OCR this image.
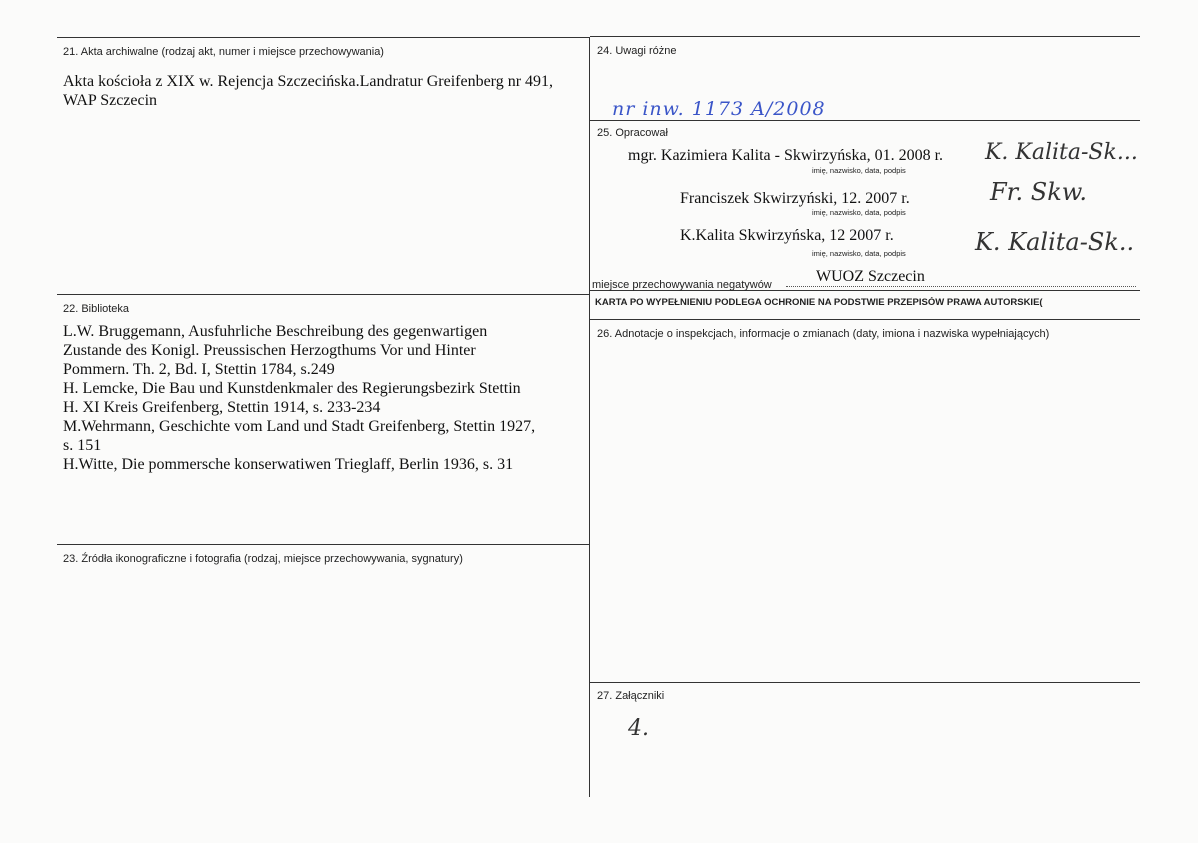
21. Akta archiwalne (rodzaj akt, numer i miejsce przechowywania)
Akta kościoła z XIX w. Rejencja Szczecińska.Landratur Greifenberg nr 491, WAP Szczecin
22. Biblioteka
L.W. Bruggemann, Ausfuhrliche Beschreibung des gegenwartigen
Zustande des Konigl. Preussischen Herzogthums Vor und Hinter
Pommern. Th. 2, Bd. I, Stettin 1784, s.249
H. Lemcke, Die Bau und Kunstdenkmaler des Regierungsbezirk Stettin
H. XI Kreis Greifenberg, Stettin 1914, s. 233-234
M.Wehrmann, Geschichte vom Land und Stadt Greifenberg, Stettin 1927,
s. 151
H.Witte, Die pommersche konserwatiwen Trieglaff, Berlin 1936, s. 31
23. Źródła ikonograficzne i fotografia (rodzaj, miejsce przechowywania, sygnatury)
24. Uwagi różne
nr inw. 1173 A/2008
25. Opracował
mgr. Kazimiera Kalita - Skwirzyńska, 01. 2008 r.
imię, nazwisko, data, podpis
K. Kalita-Sk...
Franciszek Skwirzyński, 12. 2007 r.
imię, nazwisko, data, podpis
Fr. Skw.
K.Kalita Skwirzyńska, 12 2007 r.
imię, nazwisko, data, podpis	K. Kalita-Sk..
miejsce przechowywania negatywów	WUOZ Szczecin
KARTA PO WYPEŁNIENIU PODLEGA OCHRONIE NA PODSTWIE PRZEPISÓW PRAWA AUTORSKIE(
26. Adnotacje o inspekcjach, informacje o zmianach (daty, imiona i nazwiska wypełniających)
27. Załączniki
4.
